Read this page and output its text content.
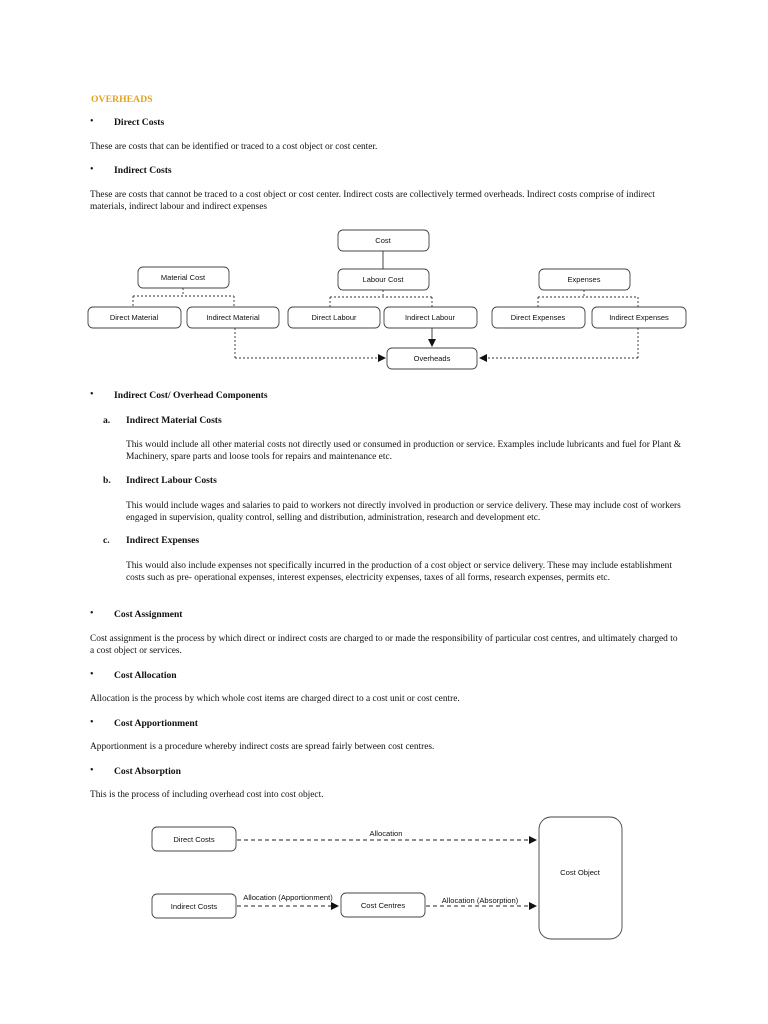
OVERHEADS
• Direct Costs
These are costs that can be identified or traced to a cost object or cost center.
• Indirect Costs
These are costs that cannot be traced to a cost object or cost center. Indirect costs are collectively termed overheads. Indirect costs comprise of indirect materials, indirect labour and indirect expenses
Cost
Material Cost	Labour Cost	Expenses
Direct Material	Indirect Material	Direct Labour	Indirect Labour	Direct Expenses	Indirect Expenses
Overheads
• Indirect Cost/ Overhead Components
a. Indirect Material Costs
This would include all other material costs not directly used or consumed in production or service. Examples include lubricants and fuel for Plant & Machinery, spare parts and loose tools for repairs and maintenance etc.
b. Indirect Labour Costs
This would include wages and salaries to paid to workers not directly involved in production or service delivery. These may include cost of workers engaged in supervision, quality control, selling and distribution, administration, research and development etc.
c. Indirect Expenses
This would also include expenses not specifically incurred in the production of a cost object or service delivery. These may include establishment costs such as pre- operational expenses, interest expenses, electricity expenses, taxes of all forms, research expenses, permits etc.
• Cost Assignment
Cost assignment is the process by which direct or indirect costs are charged to or made the responsibility of particular cost centres, and ultimately charged to a cost object or services.
• Cost Allocation
Allocation is the process by which whole cost items are charged direct to a cost unit or cost centre.
• Cost Apportionment
Apportionment is a procedure whereby indirect costs are spread fairly between cost centres.
• Cost Absorption
This is the process of including overhead cost into cost object.
Direct Costs
Indirect Costs	Cost Centres
Cost Object
Allocation
Allocation (Apportionment)	Allocation (Absorption)
